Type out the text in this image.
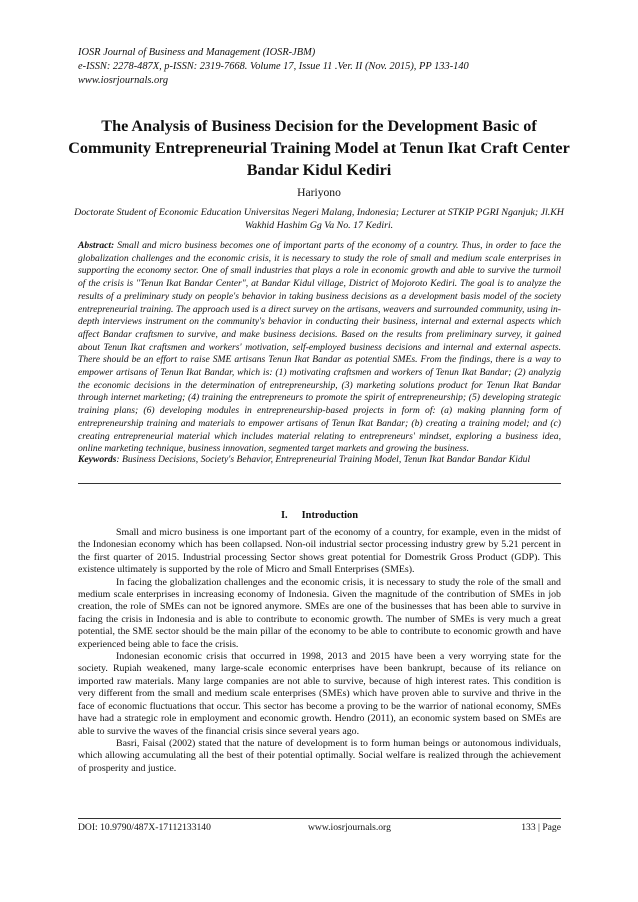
IOSR Journal of Business and Management (IOSR-JBM)
e-ISSN: 2278-487X, p-ISSN: 2319-7668. Volume 17, Issue 11 .Ver. II (Nov. 2015), PP 133-140
www.iosrjournals.org
The Analysis of Business Decision for the Development Basic of Community Entrepreneurial Training Model at Tenun Ikat Craft Center Bandar Kidul Kediri
Hariyono
Doctorate Student of Economic Education Universitas Negeri Malang, Indonesia; Lecturer at STKIP PGRI Nganjuk; Jl.KH Wakhid Hashim Gg Va No. 17 Kediri.
Abstract: Small and micro business becomes one of important parts of the economy of a country. Thus, in order to face the globalization challenges and the economic crisis, it is necessary to study the role of small and medium scale enterprises in supporting the economy sector. One of small industries that plays a role in economic growth and able to survive the turmoil of the crisis is "Tenun Ikat Bandar Center", at Bandar Kidul village, District of Mojoroto Kediri. The goal is to analyze the results of a preliminary study on people's behavior in taking business decisions as a development basis model of the society entrepreneurial training. The approach used is a direct survey on the artisans, weavers and surrounded community, using in-depth interviews instrument on the community's behavior in conducting their business, internal and external aspects which affect Bandar craftsmen to survive, and make business decisions. Based on the results from preliminary survey, it gained about Tenun Ikat craftsmen and workers' motivation, self-employed business decisions and internal and external aspects. There should be an effort to raise SME artisans Tenun Ikat Bandar as potential SMEs. From the findings, there is a way to empower artisans of Tenun Ikat Bandar, which is: (1) motivating craftsmen and workers of Tenun Ikat Bandar; (2) analyzig the economic decisions in the determination of entrepreneurship, (3) marketing solutions product for Tenun Ikat Bandar through internet marketing; (4) training the entrepreneurs to promote the spirit of entrepreneurship; (5) developing strategic training plans; (6) developing modules in entrepreneurship-based projects in form of: (a) making planning form of entrepreneurship training and materials to empower artisans of Tenun Ikat Bandar; (b) creating a training model; and (c) creating entrepreneurial material which includes material relating to entrepreneurs' mindset, exploring a business idea, online marketing technique, business innovation, segmented target markets and growing the business.
Keywords: Business Decisions, Society's Behavior, Entrepreneurial Training Model, Tenun Ikat Bandar Bandar Kidul
I. Introduction

Small and micro business is one important part of the economy of a country, for example, even in the midst of the Indonesian economy which has been collapsed. Non-oil industrial sector processing industry grew by 5.21 percent in the first quarter of 2015. Industrial processing Sector shows great potential for Domestrik Gross Product (GDP). This existence ultimately is supported by the role of Micro and Small Enterprises (SMEs).

In facing the globalization challenges and the economic crisis, it is necessary to study the role of the small and medium scale enterprises in increasing economy of Indonesia. Given the magnitude of the contribution of SMEs in job creation, the role of SMEs can not be ignored anymore. SMEs are one of the businesses that has been able to survive in facing the crisis in Indonesia and is able to contribute to economic growth. The number of SMEs is very much a great potential, the SME sector should be the main pillar of the economy to be able to contribute to economic growth and have experienced being able to face the crisis.

Indonesian economic crisis that occurred in 1998, 2013 and 2015 have been a very worrying state for the society. Rupiah weakened, many large-scale economic enterprises have been bankrupt, because of its reliance on imported raw materials. Many large companies are not able to survive, because of high interest rates. This condition is very different from the small and medium scale enterprises (SMEs) which have proven able to survive and thrive in the face of economic fluctuations that occur. This sector has become a proving to be the warrior of national economy, SMEs have had a strategic role in employment and economic growth. Hendro (2011), an economic system based on SMEs are able to survive the waves of the financial crisis since several years ago.

Basri, Faisal (2002) stated that the nature of development is to form human beings or autonomous individuals, which allowing accumulating all the best of their potential optimally. Social welfare is realized through the achievement of prosperity and justice.

DOI: 10.9790/487X-17112133140	www.iosrjournals.org	133 | Page
